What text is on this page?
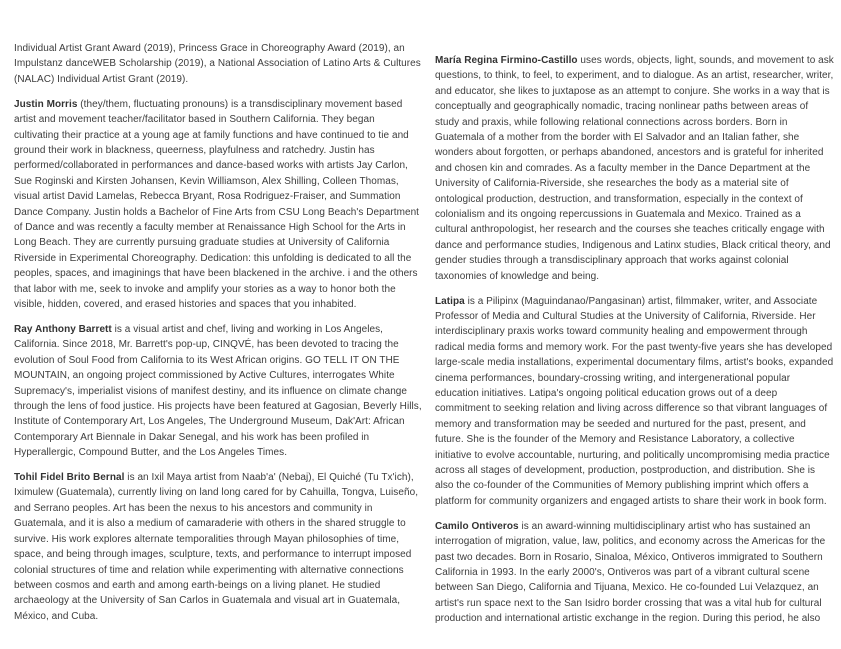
Individual Artist Grant Award (2019), Princess Grace in Choreography Award (2019), an Impulstanz danceWEB Scholarship (2019), a National Association of Latino Arts & Cultures (NALAC) Individual Artist Grant (2019).

Justin Morris (they/them, fluctuating pronouns) is a transdisciplinary movement based artist and movement teacher/facilitator based in Southern California. They began cultivating their practice at a young age at family functions and have continued to tie and ground their work in blackness, queerness, playfulness and ratchedry. Justin has performed/collaborated in performances and dance-based works with artists Jay Carlon, Sue Roginski and Kirsten Johansen, Kevin Williamson, Alex Shilling, Colleen Thomas, visual artist David Lamelas, Rebecca Bryant, Rosa Rodriguez-Fraiser, and Summation Dance Company. Justin holds a Bachelor of Fine Arts from CSU Long Beach's Department of Dance and was recently a faculty member at Renaissance High School for the Arts in Long Beach. They are currently pursuing graduate studies at University of California Riverside in Experimental Choreography. Dedication: this unfolding is dedicated to all the peoples, spaces, and imaginings that have been blackened in the archive. i and the others that labor with me, seek to invoke and amplify your stories as a way to honor both the visible, hidden, covered, and erased histories and spaces that you inhabited.

Ray Anthony Barrett is a visual artist and chef, living and working in Los Angeles, California. Since 2018, Mr. Barrett's pop-up, CINQVÉ, has been devoted to tracing the evolution of Soul Food from California to its West African origins. GO TELL IT ON THE MOUNTAIN, an ongoing project commissioned by Active Cultures, interrogates White Supremacy's, imperialist visions of manifest destiny, and its influence on climate change through the lens of food justice. His projects have been featured at Gagosian, Beverly Hills, Institute of Contemporary Art, Los Angeles, The Underground Museum, Dak'Art: African Contemporary Art Biennale in Dakar Senegal, and his work has been profiled in Hyperallergic, Compound Butter, and the Los Angeles Times.

Tohil Fidel Brito Bernal is an Ixil Maya artist from Naab'a' (Nebaj), El Quiché (Tu Tx'ich), Iximulew (Guatemala), currently living on land long cared for by Cahuilla, Tongva, Luiseño, and Serrano peoples. Art has been the nexus to his ancestors and community in Guatemala, and it is also a medium of camaraderie with others in the shared struggle to survive. His work explores alternate temporalities through Mayan philosophies of time, space, and being through images, sculpture, texts, and performance to interrupt imposed colonial structures of time and relation while experimenting with alternative connections between cosmos and earth and among earth-beings on a living planet. He studied archaeology at the University of San Carlos in Guatemala and visual art in Guatemala, México, and Cuba.

María Regina Firmino-Castillo uses words, objects, light, sounds, and movement to ask questions, to think, to feel, to experiment, and to dialogue. As an artist, researcher, writer, and educator, she likes to juxtapose as an attempt to conjure. She works in a way that is conceptually and geographically nomadic, tracing nonlinear paths between areas of study and praxis, while following relational connections across borders. Born in Guatemala of a mother from the border with El Salvador and an Italian father, she wonders about forgotten, or perhaps abandoned, ancestors and is grateful for inherited and chosen kin and comrades. As a faculty member in the Dance Department at the University of California-Riverside, she researches the body as a material site of ontological production, destruction, and transformation, especially in the context of colonialism and its ongoing repercussions in Guatemala and Mexico. Trained as a cultural anthropologist, her research and the courses she teaches critically engage with dance and performance studies, Indigenous and Latinx studies, Black critical theory, and gender studies through a transdisciplinary approach that works against colonial taxonomies of knowledge and being.

Latipa is a Pilipinx (Maguindanao/Pangasinan) artist, filmmaker, writer, and Associate Professor of Media and Cultural Studies at the University of California, Riverside. Her interdisciplinary praxis works toward community healing and empowerment through radical media forms and memory work. For the past twenty-five years she has developed large-scale media installations, experimental documentary films, artist's books, expanded cinema performances, boundary-crossing writing, and intergenerational popular education initiatives. Latipa's ongoing political education grows out of a deep commitment to seeking relation and living across difference so that vibrant languages of memory and transformation may be seeded and nurtured for the past, present, and future. She is the founder of the Memory and Resistance Laboratory, a collective initiative to evolve accountable, nurturing, and politically uncompromising media practice across all stages of development, production, postproduction, and distribution. She is also the co-founder of the Communities of Memory publishing imprint which offers a platform for community organizers and engaged artists to share their work in book form.

Camilo Ontiveros is an award-winning multidisciplinary artist who has sustained an interrogation of migration, value, law, politics, and economy across the Americas for the past two decades. Born in Rosario, Sinaloa, México, Ontiveros immigrated to Southern California in 1993. In the early 2000's, Ontiveros was part of a vibrant cultural scene between San Diego, California and Tijuana, Mexico. He co-founded Lui Velazquez, an artist's run space next to the San Isidro border crossing that was a vital hub for cultural production and international artistic exchange in the region. During this period, he also
